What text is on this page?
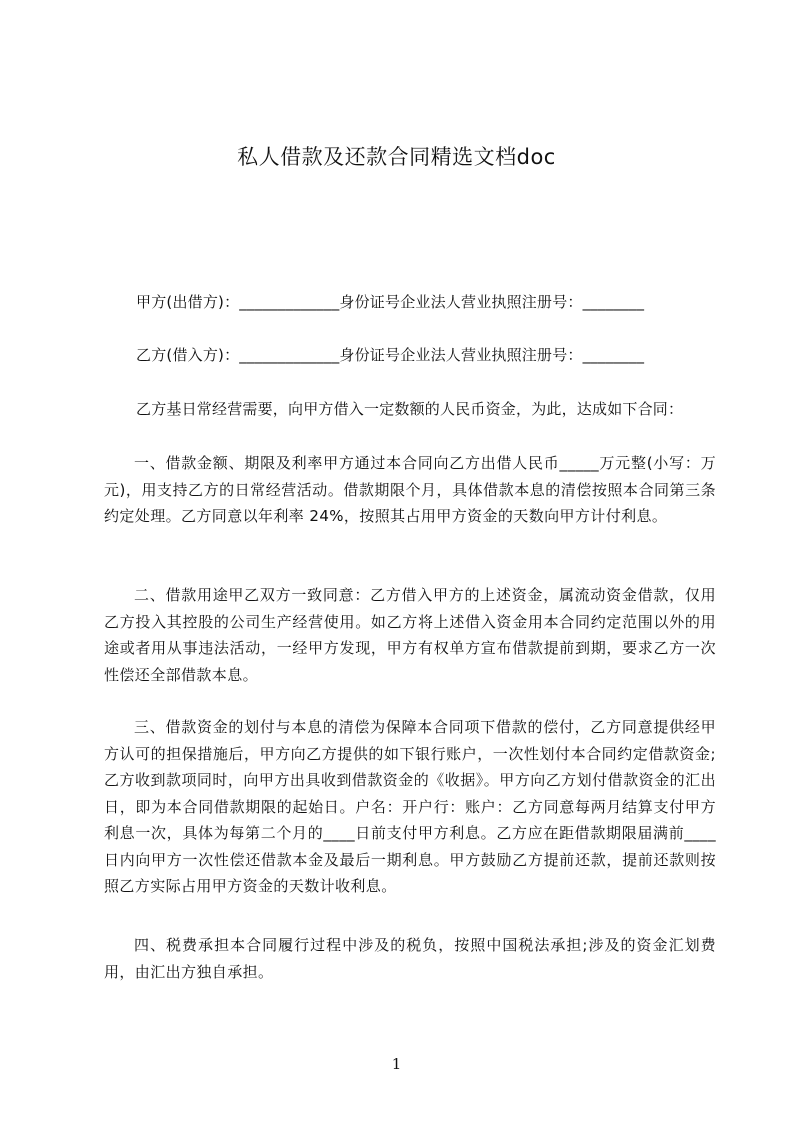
私人借款及还款合同精选文档doc
甲方(出借方)：_____________身份证号企业法人营业执照注册号：________
乙方(借入方)：_____________身份证号企业法人营业执照注册号：________
乙方基日常经营需要，向甲方借入一定数额的人民币资金，为此，达成如下合同：
一、借款金额、期限及利率甲方通过本合同向乙方出借人民币_____万元整(小写：万元)，用支持乙方的日常经营活动。借款期限个月，具体借款本息的清偿按照本合同第三条约定处理。乙方同意以年利率 24%，按照其占用甲方资金的天数向甲方计付利息。
二、借款用途甲乙双方一致同意：乙方借入甲方的上述资金，属流动资金借款，仅用乙方投入其控股的公司生产经营使用。如乙方将上述借入资金用本合同约定范围以外的用途或者用从事违法活动，一经甲方发现，甲方有权单方宣布借款提前到期，要求乙方一次性偿还全部借款本息。
三、借款资金的划付与本息的清偿为保障本合同项下借款的偿付，乙方同意提供经甲方认可的担保措施后，甲方向乙方提供的如下银行账户，一次性划付本合同约定借款资金;乙方收到款项同时，向甲方出具收到借款资金的《收据》。甲方向乙方划付借款资金的汇出日，即为本合同借款期限的起始日。户名：开户行：账户：乙方同意每两月结算支付甲方利息一次，具体为每第二个月的____日前支付甲方利息。乙方应在距借款期限届满前____日内向甲方一次性偿还借款本金及最后一期利息。甲方鼓励乙方提前还款，提前还款则按照乙方实际占用甲方资金的天数计收利息。
四、税费承担本合同履行过程中涉及的税负，按照中国税法承担;涉及的资金汇划费用，由汇出方独自承担。
1
